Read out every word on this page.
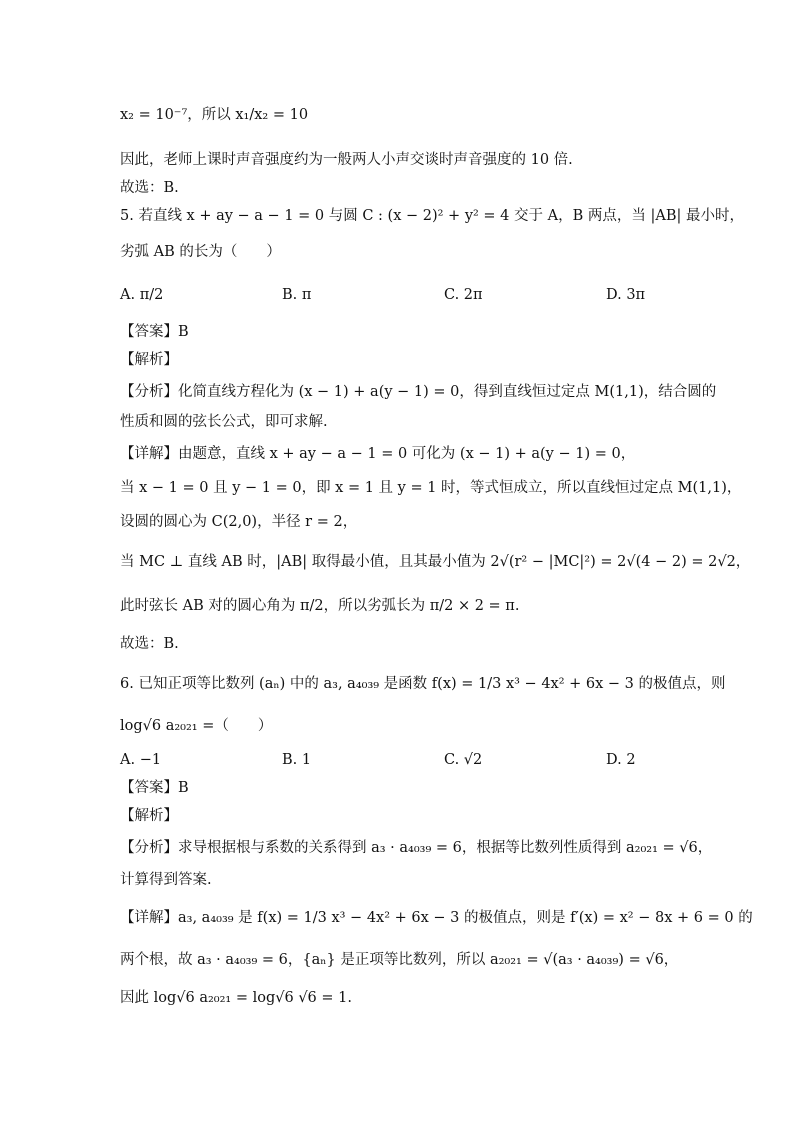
x₂ = 10⁻⁷，所以 x₁/x₂ = 10
因此，老师上课时声音强度约为一般两人小声交谈时声音强度的 10 倍.
故选：B.
5. 若直线 x + ay − a − 1 = 0 与圆 C : (x − 2)² + y² = 4 交于 A，B 两点，当 |AB| 最小时，
劣弧 AB 的长为（　　）
【答案】B
【解析】
【分析】化简直线方程化为 (x − 1) + a(y − 1) = 0，得到直线恒过定点 M(1,1)，结合圆的
性质和圆的弦长公式，即可求解.
【详解】由题意，直线 x + ay − a − 1 = 0 可化为 (x − 1) + a(y − 1) = 0，
当 x − 1 = 0 且 y − 1 = 0，即 x = 1 且 y = 1 时，等式恒成立，所以直线恒过定点 M(1,1)，
设圆的圆心为 C(2,0)，半径 r = 2，
当 MC ⊥ 直线 AB 时，|AB| 取得最小值，且其最小值为 2√(r² − |MC|²) = 2√(4 − 2) = 2√2，
此时弦长 AB 对的圆心角为 π/2，所以劣弧长为 π/2 × 2 = π.
故选：B.
6. 已知正项等比数列 (aₙ) 中的 a₃, a₄₀₃₉ 是函数 f(x) = 1/3 x³ − 4x² + 6x − 3 的极值点，则
log√6 a₂₀₂₁ =（　　）
【答案】B
【解析】
【分析】求导根据根与系数的关系得到 a₃ · a₄₀₃₉ = 6，根据等比数列性质得到 a₂₀₂₁ = √6，
计算得到答案.
【详解】a₃, a₄₀₃₉ 是 f(x) = 1/3 x³ − 4x² + 6x − 3 的极值点，则是 f′(x) = x² − 8x + 6 = 0 的
两个根，故 a₃ · a₄₀₃₉ = 6，{aₙ} 是正项等比数列，所以 a₂₀₂₁ = √(a₃ · a₄₀₃₉) = √6，
因此 log√6 a₂₀₂₁ = log√6 √6 = 1.
A. π/2	B. π	C. 2π	D. 3π
A. −1	B. 1	C. √2	D. 2
